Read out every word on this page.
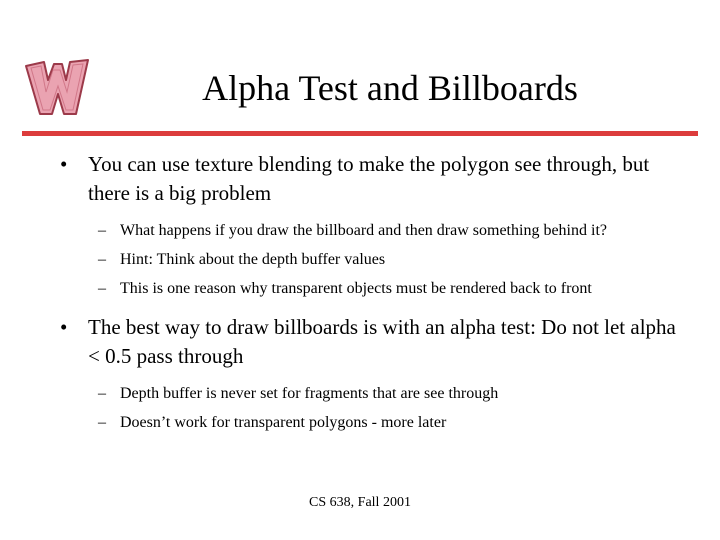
Alpha Test and Billboards
• You can use texture blending to make the polygon see through, but there is a big problem
– What happens if you draw the billboard and then draw something behind it?
– Hint: Think about the depth buffer values
– This is one reason why transparent objects must be rendered back to front
• The best way to draw billboards is with an alpha test: Do not let alpha < 0.5 pass through
– Depth buffer is never set for fragments that are see through
– Doesn’t work for transparent polygons - more later
CS 638, Fall 2001
